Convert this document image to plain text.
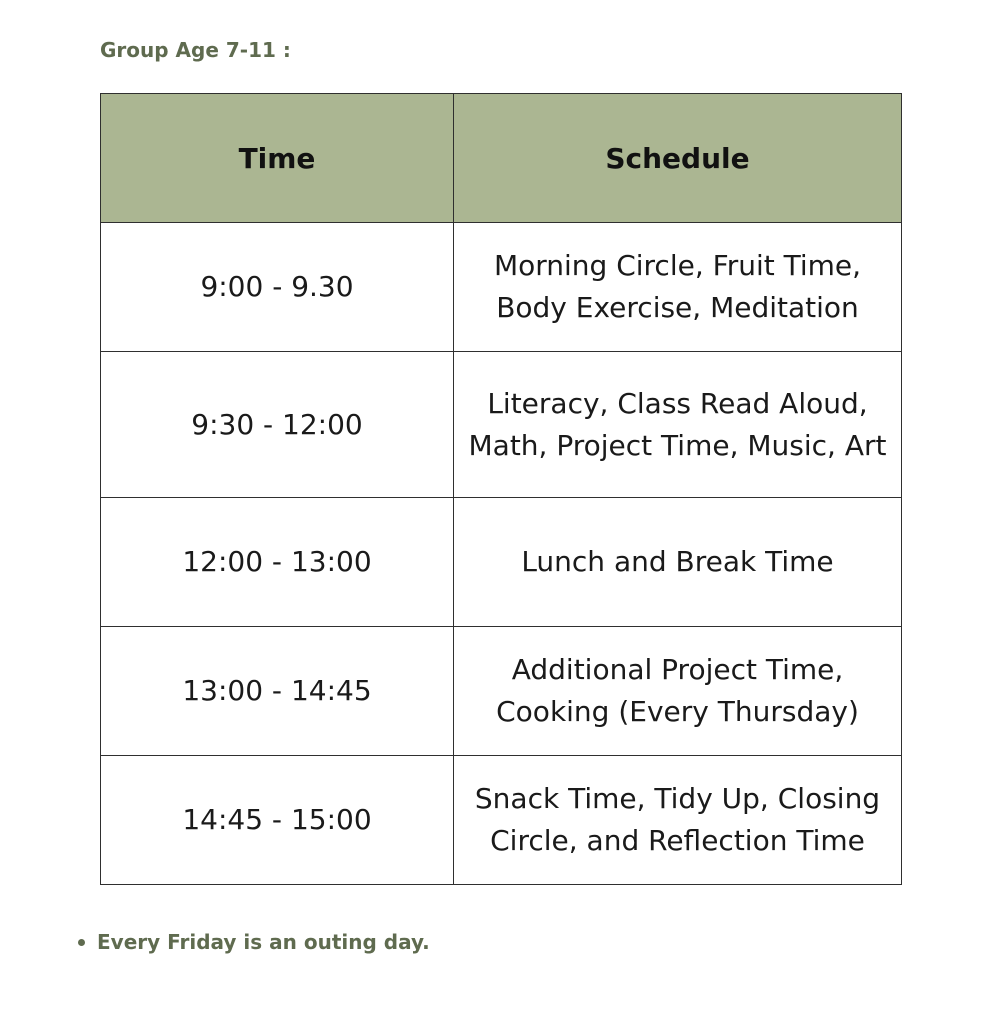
Group Age 7-11 :
Time	Schedule
9:00 - 9.30	Morning Circle, Fruit Time, Body Exercise, Meditation
9:30 - 12:00	Literacy, Class Read Aloud, Math, Project Time, Music, Art
12:00 - 13:00	Lunch and Break Time
13:00 - 14:45	Additional Project Time, Cooking (Every Thursday)
14:45 - 15:00	Snack Time, Tidy Up, Closing Circle, and Reflection Time
Every Friday is an outing day.
